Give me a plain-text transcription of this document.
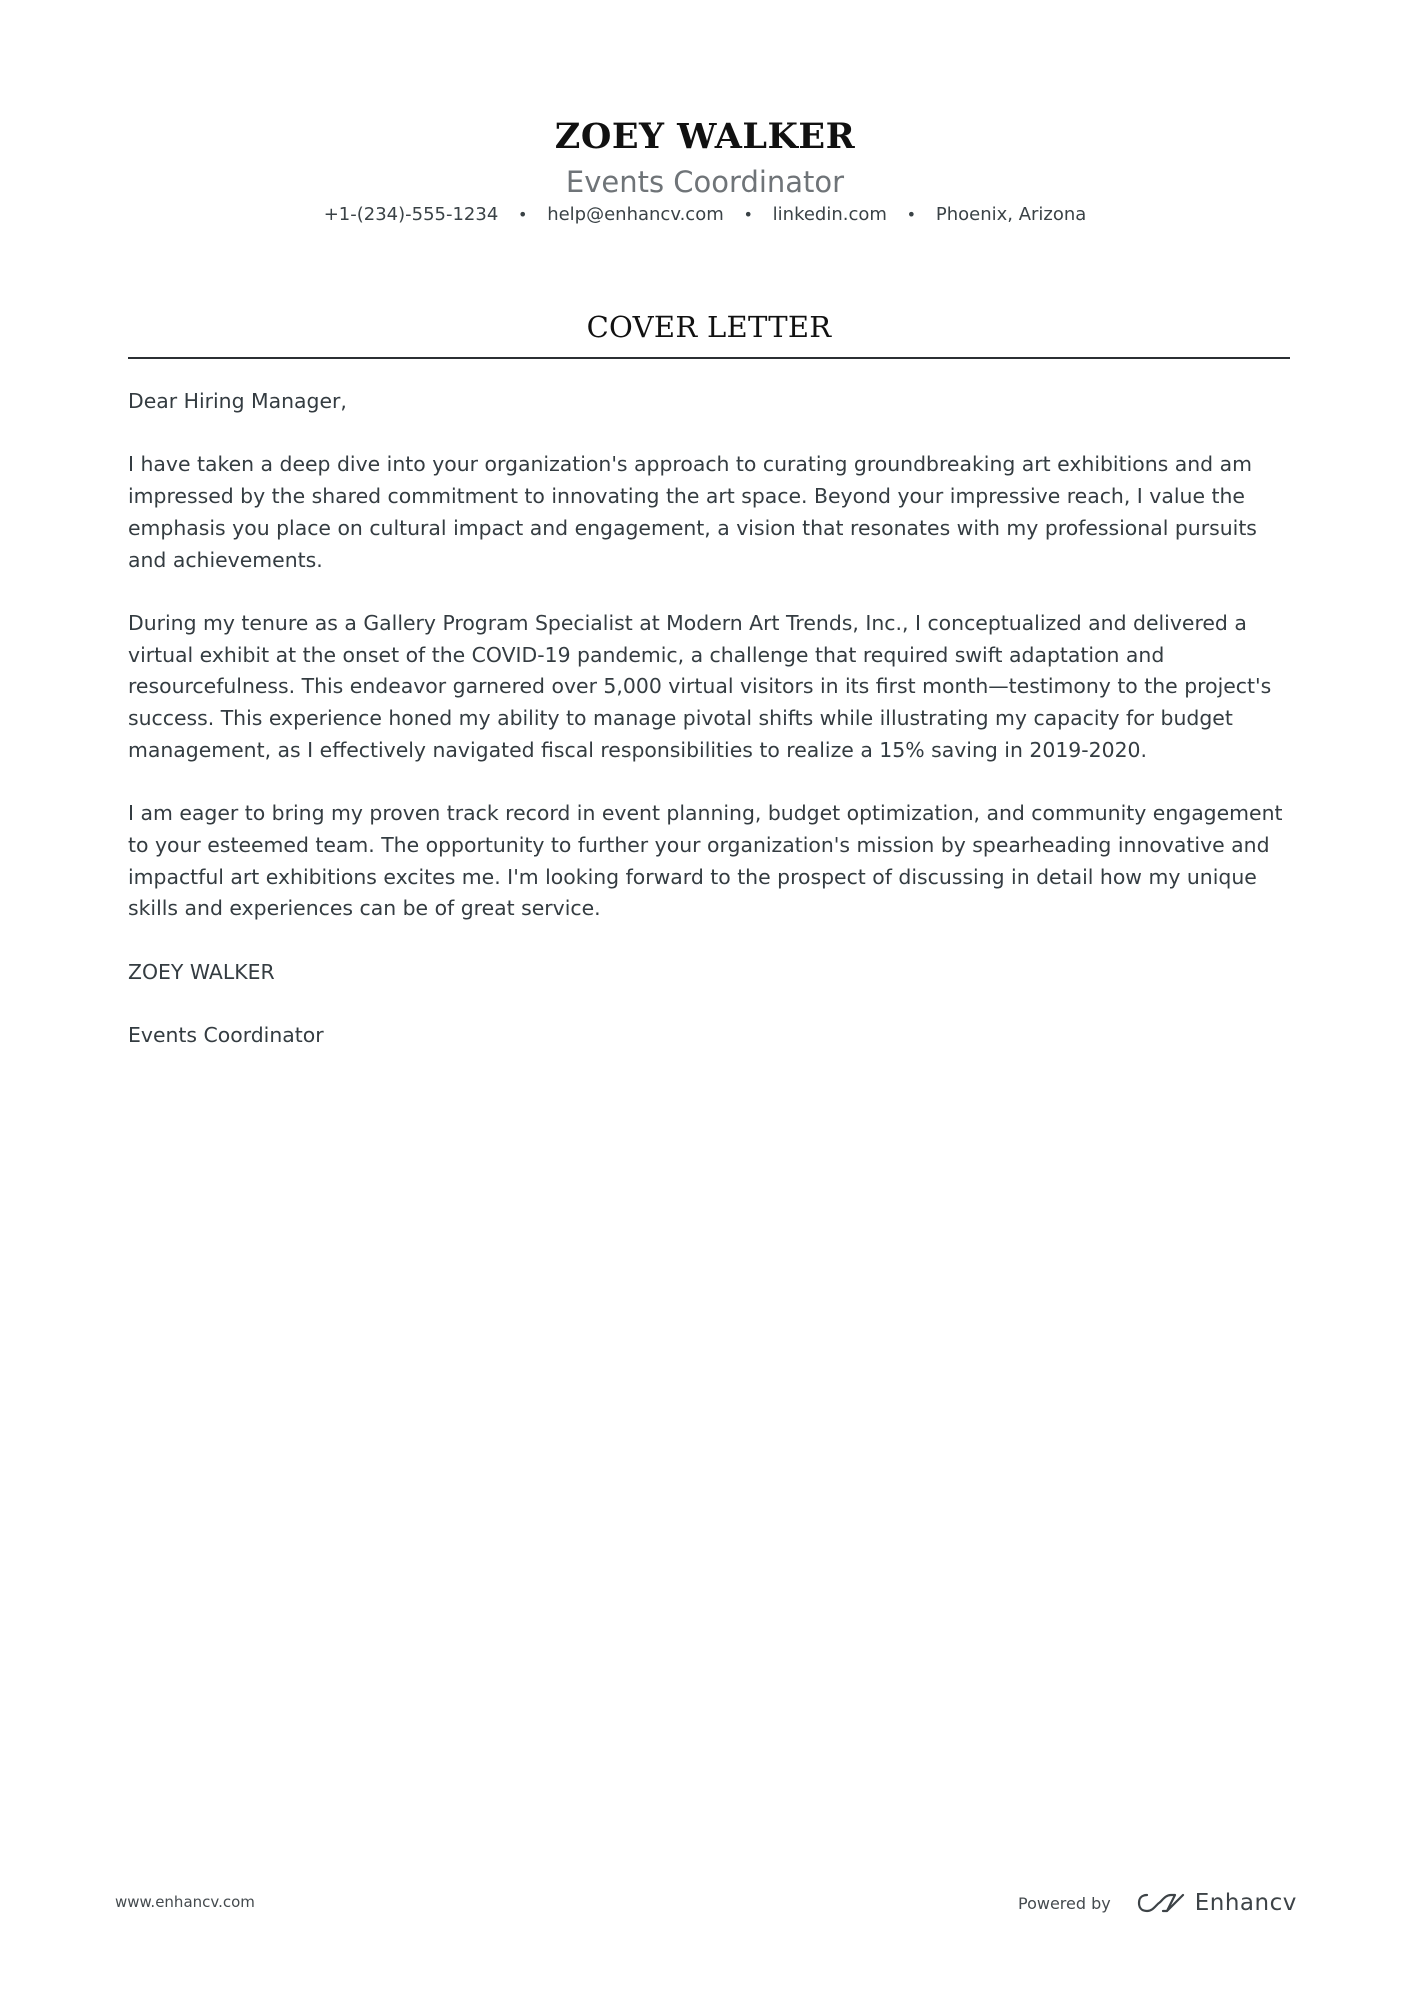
ZOEY WALKER
Events Coordinator
+1-(234)-555-1234 • help@enhancv.com • linkedin.com • Phoenix, Arizona
COVER LETTER

Dear Hiring Manager,

I have taken a deep dive into your organization's approach to curating groundbreaking art exhibitions and am impressed by the shared commitment to innovating the art space. Beyond your impressive reach, I value the emphasis you place on cultural impact and engagement, a vision that resonates with my professional pursuits and achievements.

During my tenure as a Gallery Program Specialist at Modern Art Trends, Inc., I conceptualized and delivered a virtual exhibit at the onset of the COVID-19 pandemic, a challenge that required swift adaptation and resourcefulness. This endeavor garnered over 5,000 virtual visitors in its first month—testimony to the project's success. This experience honed my ability to manage pivotal shifts while illustrating my capacity for budget management, as I effectively navigated fiscal responsibilities to realize a 15% saving in 2019-2020.

I am eager to bring my proven track record in event planning, budget optimization, and community engagement to your esteemed team. The opportunity to further your organization's mission by spearheading innovative and impactful art exhibitions excites me. I'm looking forward to the prospect of discussing in detail how my unique skills and experiences can be of great service.

ZOEY WALKER

Events Coordinator

www.enhancv.com	Powered by	Enhancv
